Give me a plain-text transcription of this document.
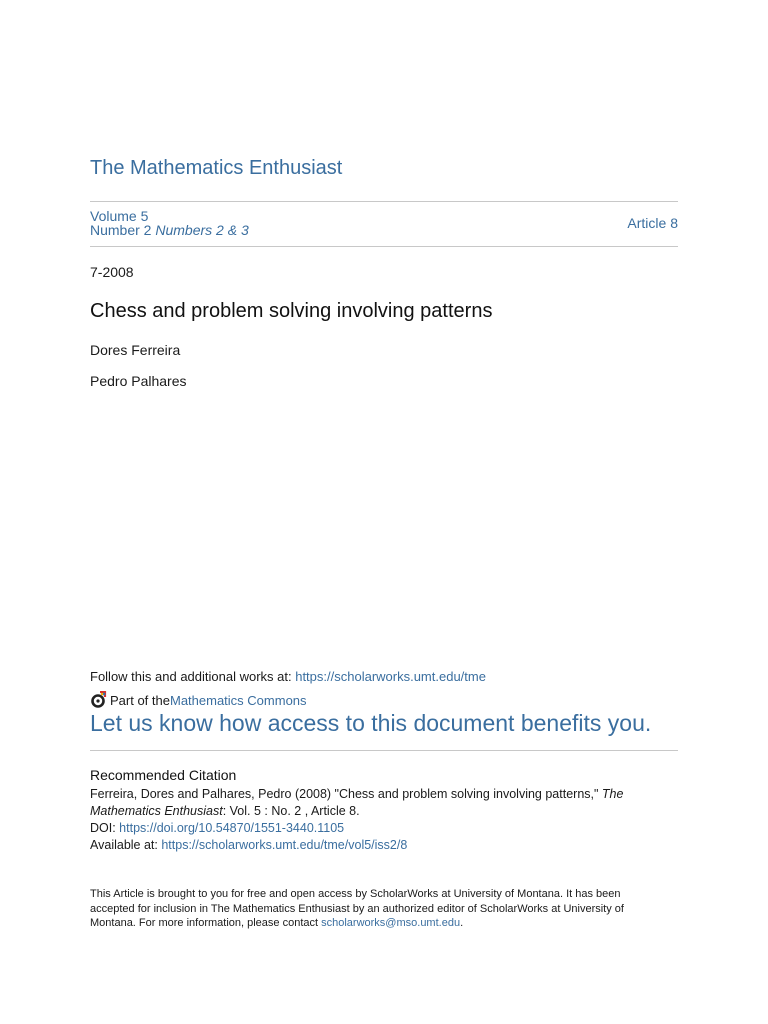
The Mathematics Enthusiast
Volume 5
Number 2 Numbers 2 & 3	Article 8
7-2008
Chess and problem solving involving patterns
Dores Ferreira
Pedro Palhares
Follow this and additional works at: https://scholarworks.umt.edu/tme
Part of the Mathematics Commons
Let us know how access to this document benefits you.
Recommended Citation
Ferreira, Dores and Palhares, Pedro (2008) "Chess and problem solving involving patterns," The
Mathematics Enthusiast: Vol. 5 : No. 2 , Article 8.
DOI: https://doi.org/10.54870/1551-3440.1105
Available at: https://scholarworks.umt.edu/tme/vol5/iss2/8
This Article is brought to you for free and open access by ScholarWorks at University of Montana. It has been
accepted for inclusion in The Mathematics Enthusiast by an authorized editor of ScholarWorks at University of
Montana. For more information, please contact scholarworks@mso.umt.edu.
